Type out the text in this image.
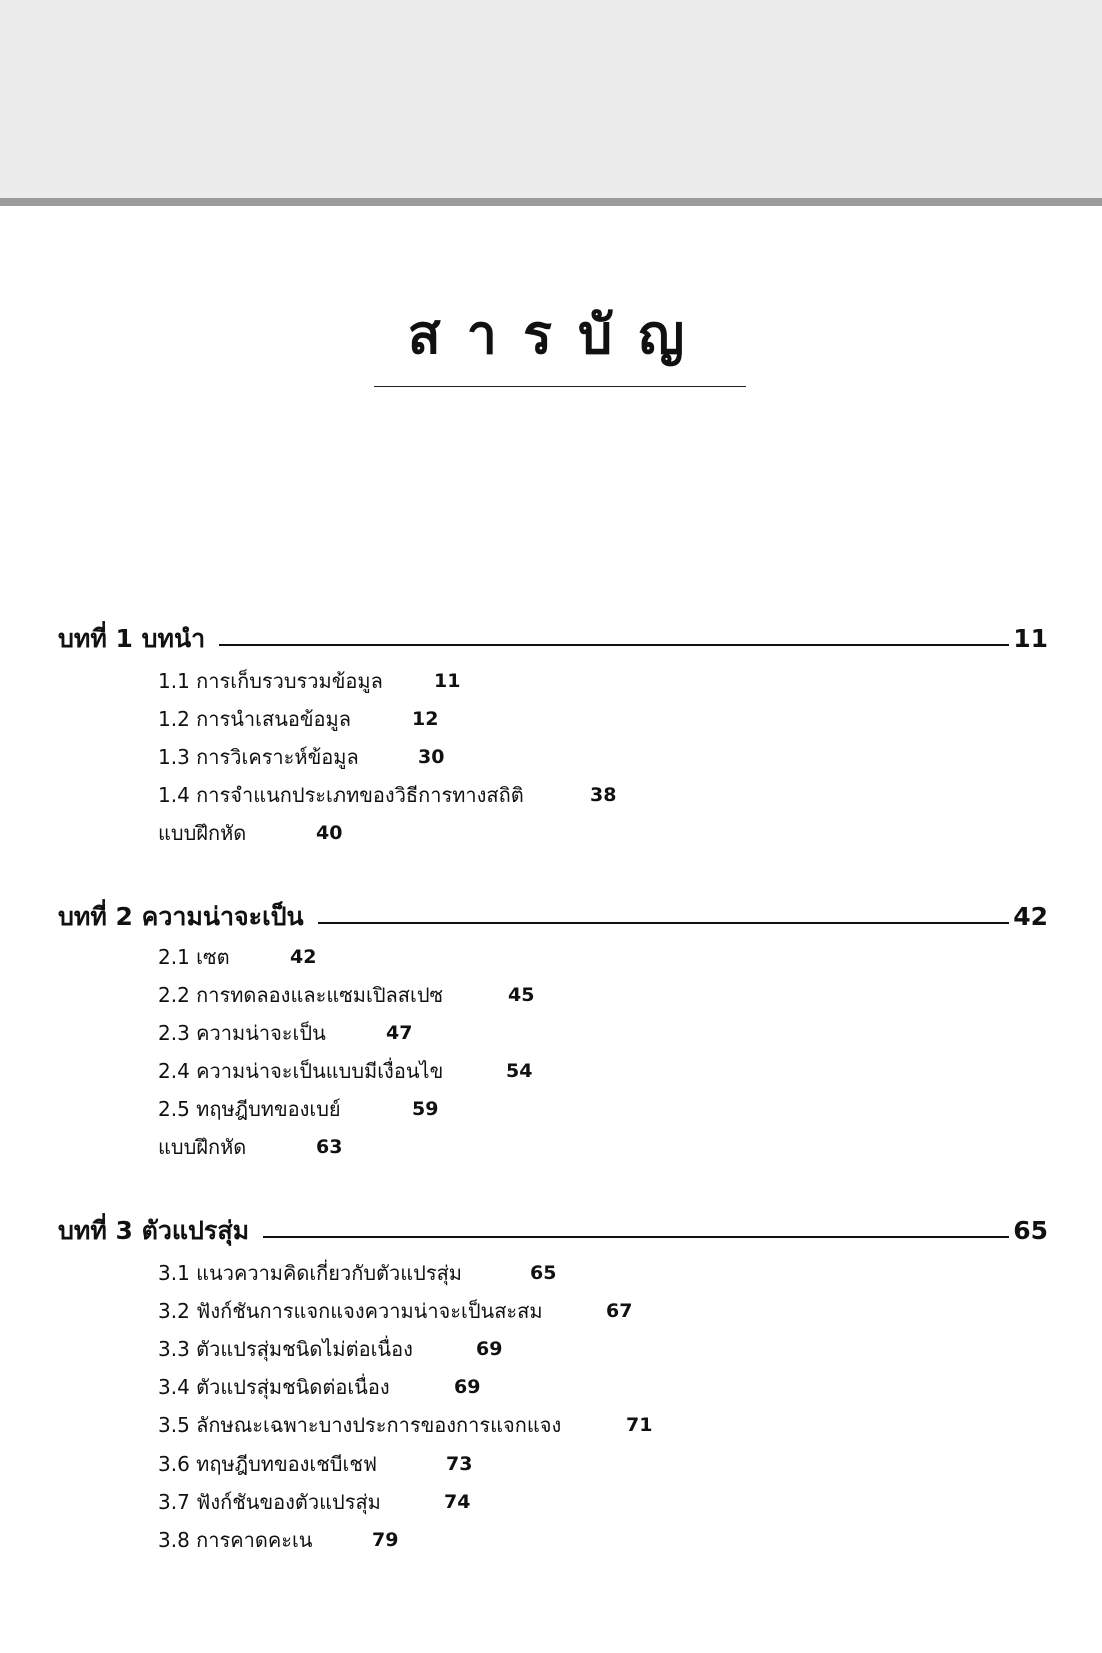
สารบัญ
บทที่ 1 บทนำ	11
1.1 การเก็บรวบรวมข้อมูล	11
1.2 การนำเสนอข้อมูล	12
1.3 การวิเคราะห์ข้อมูล	30
1.4 การจำแนกประเภทของวิธีการทางสถิติ	38
แบบฝึกหัด	40
บทที่ 2 ความน่าจะเป็น	42
2.1 เซต	42
2.2 การทดลองและแซมเปิลสเปซ	45
2.3 ความน่าจะเป็น	47
2.4 ความน่าจะเป็นแบบมีเงื่อนไข	54
2.5 ทฤษฎีบทของเบย์	59
แบบฝึกหัด	63
บทที่ 3 ตัวแปรสุ่ม	65
3.1 แนวความคิดเกี่ยวกับตัวแปรสุ่ม	65
3.2 ฟังก์ชันการแจกแจงความน่าจะเป็นสะสม	67
3.3 ตัวแปรสุ่มชนิดไม่ต่อเนื่อง	69
3.4 ตัวแปรสุ่มชนิดต่อเนื่อง	69
3.5 ลักษณะเฉพาะบางประการของการแจกแจง	71
3.6 ทฤษฎีบทของเชบีเชฟ	73
3.7 ฟังก์ชันของตัวแปรสุ่ม	74
3.8 การคาดคะเน	79
